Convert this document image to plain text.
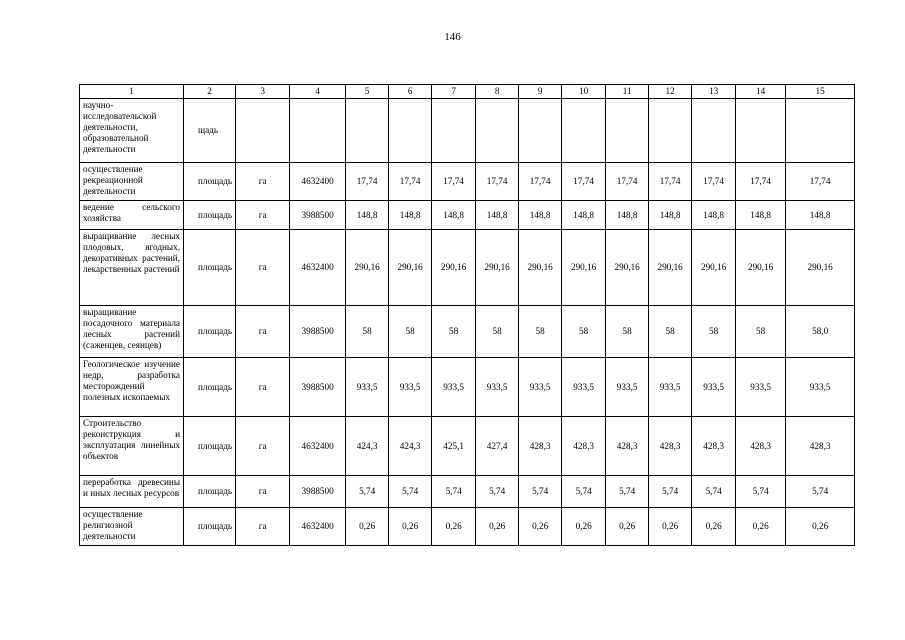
146
1	2	3	4	5	6	7	8	9	10	11	12	13	14	15
научно-исследовательской деятельности, образовательной деятельности	щадь													
осуществление рекреационной деятельности	площадь	га	4632400	17,74	17,74	17,74	17,74	17,74	17,74	17,74	17,74	17,74	17,74	17,74
ведение сельского хозяйства	площадь	га	3988500	148,8	148,8	148,8	148,8	148,8	148,8	148,8	148,8	148,8	148,8	148,8
выращивание лесных плодовых, ягодных, декоративных растений, лекарственных растений	площадь	га	4632400	290,16	290,16	290,16	290,16	290,16	290,16	290,16	290,16	290,16	290,16	290,16
выращивание посадочного материала лесных растений (саженцев, сеянцев)	площадь	га	3988500	58	58	58	58	58	58	58	58	58	58	58,0
Геологическое изучение недр, разработка месторождений полезных ископаемых	площадь	га	3988500	933,5	933,5	933,5	933,5	933,5	933,5	933,5	933,5	933,5	933,5	933,5
Строительство реконструкция и эксплуатация линейных объектов	площадь	га	4632400	424,3	424,3	425,1	427,4	428,3	428,3	428,3	428,3	428,3	428,3	428,3
переработка древесины и иных лесных ресурсов	площадь	га	3988500	5,74	5,74	5,74	5,74	5,74	5,74	5,74	5,74	5,74	5,74	5,74
осуществление религиозной деятельности	площадь	га	4632400	0,26	0,26	0,26	0,26	0,26	0,26	0,26	0,26	0,26	0,26	0,26
